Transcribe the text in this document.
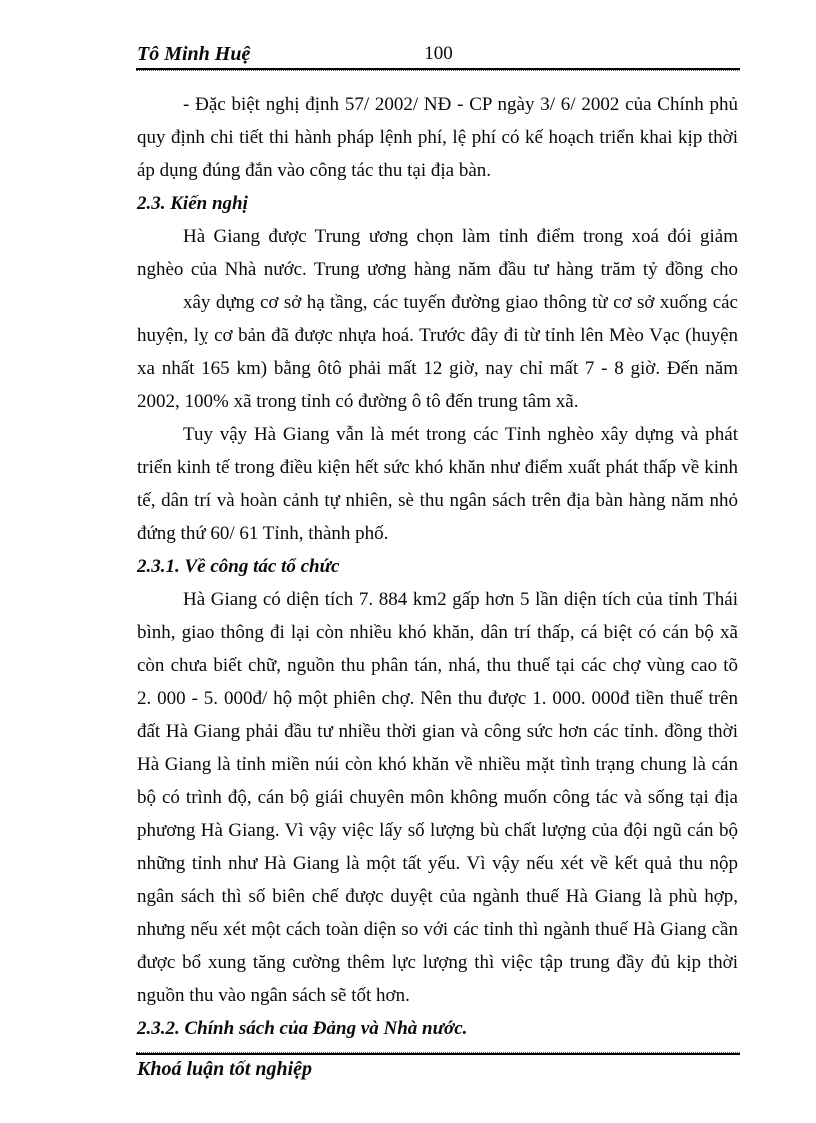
Tô Minh Huệ	100
- Đặc biệt nghị định 57/ 2002/ NĐ - CP ngày 3/ 6/ 2002 của Chính phủ
quy định chi tiết thi hành pháp lệnh phí, lệ phí có kế hoạch triển khai kịp thời
áp dụng đúng đắn vào công tác thu tại địa bàn.
2.3. Kiến nghị
Hà Giang được Trung ương chọn làm tỉnh điểm trong xoá đói giảm
nghèo của Nhà nước. Trung ương hàng năm đầu tư hàng trăm tỷ đồng cho
xây dựng cơ sở hạ tầng, các tuyến đường giao thông từ cơ sở xuống các
huyện, lỵ cơ bản đã được nhựa hoá. Trước đây đi từ tỉnh lên Mèo Vạc (huyện
xa nhất 165 km) bằng ôtô phải mất 12 giờ, nay chỉ mất 7 - 8 giờ. Đến năm
2002, 100% xã trong tỉnh có đường ô tô đến trung tâm xã.
Tuy vậy Hà Giang vẫn là mét trong các Tỉnh nghèo xây dựng và phát
triển kinh tế trong điều kiện hết sức khó khăn như điểm xuất phát thấp về kinh
tế, dân trí và hoàn cảnh tự nhiên, sè thu ngân sách trên địa bàn hàng năm nhỏ
đứng thứ 60/ 61 Tỉnh, thành phố.
2.3.1. Về công tác tổ chức
Hà Giang có diện tích 7. 884 km2 gấp hơn 5 lần diện tích của tỉnh Thái
bình, giao thông đi lại còn nhiều khó khăn, dân trí thấp, cá biệt có cán bộ xã
còn chưa biết chữ, nguồn thu phân tán, nhá, thu thuế tại các chợ vùng cao tõ
2. 000 - 5. 000đ/ hộ một phiên chợ. Nên thu được 1. 000. 000đ tiền thuế trên
đất Hà Giang phải đầu tư nhiều thời gian và công sức hơn các tỉnh. đồng thời
Hà Giang là tỉnh miền núi còn khó khăn về nhiều mặt tình trạng chung là cán
bộ có trình độ, cán bộ giái chuyên môn không muốn công tác và sống tại địa
phương Hà Giang. Vì vậy việc lấy số lượng bù chất lượng của đội ngũ cán bộ
những tỉnh như Hà Giang là một tất yếu. Vì vậy nếu xét về kết quả thu nộp
ngân sách thì số biên chế được duyệt của ngành thuế Hà Giang là phù hợp,
nhưng nếu xét một cách toàn diện so với các tỉnh thì ngành thuế Hà Giang cần
được bổ xung tăng cường thêm lực lượng thì việc tập trung đầy đủ kịp thời
nguồn thu vào ngân sách sẽ tốt hơn.
2.3.2. Chính sách của Đảng và Nhà nước.
Khoá luận tốt nghiệp
